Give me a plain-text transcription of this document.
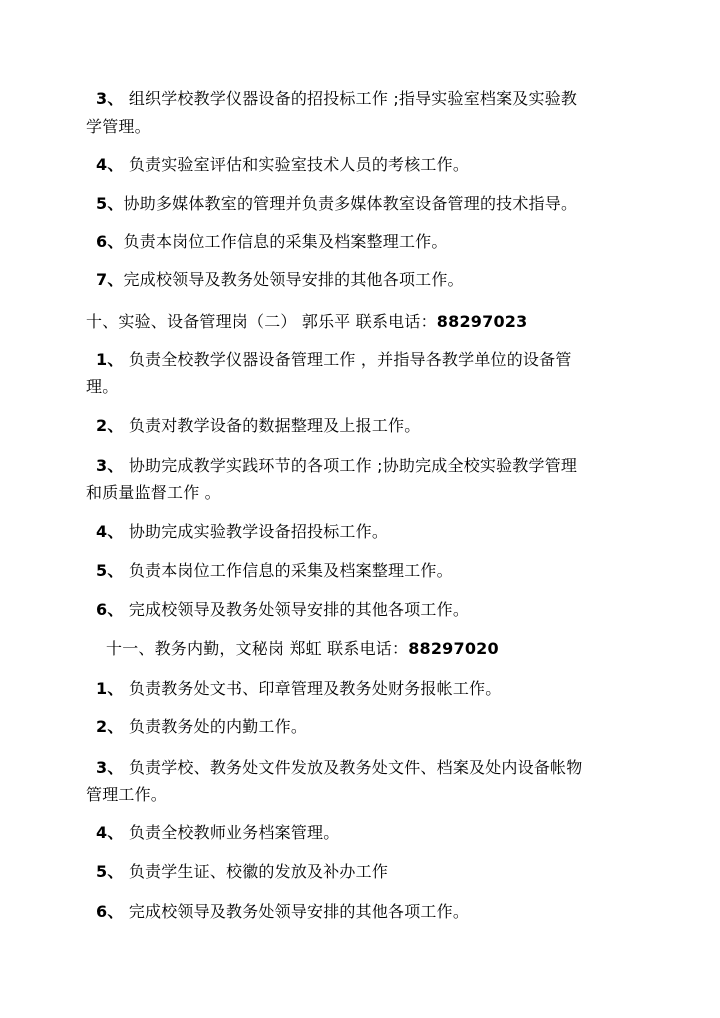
3、 组织学校教学仪器设备的招投标工作 ;指导实验室档案及实验教
学管理。
4、 负责实验室评估和实验室技术人员的考核工作。
5、协助多媒体教室的管理并负责多媒体教室设备管理的技术指导。
6、负责本岗位工作信息的采集及档案整理工作。
7、完成校领导及教务处领导安排的其他各项工作。
十、实验、设备管理岗（二） 郭乐平 联系电话：88297023
1、 负责全校教学仪器设备管理工作 ，并指导各教学单位的设备管
理。
2、 负责对教学设备的数据整理及上报工作。
3、 协助完成教学实践环节的各项工作 ;协助完成全校实验教学管理
和质量监督工作 。
4、 协助完成实验教学设备招投标工作。
5、 负责本岗位工作信息的采集及档案整理工作。
6、 完成校领导及教务处领导安排的其他各项工作。
十一、教务内勤，文秘岗 郑虹 联系电话：88297020
1、 负责教务处文书、印章管理及教务处财务报帐工作。
2、 负责教务处的内勤工作。
3、 负责学校、教务处文件发放及教务处文件、档案及处内设备帐物
管理工作。
4、 负责全校教师业务档案管理。
5、 负责学生证、校徽的发放及补办工作
6、 完成校领导及教务处领导安排的其他各项工作。
